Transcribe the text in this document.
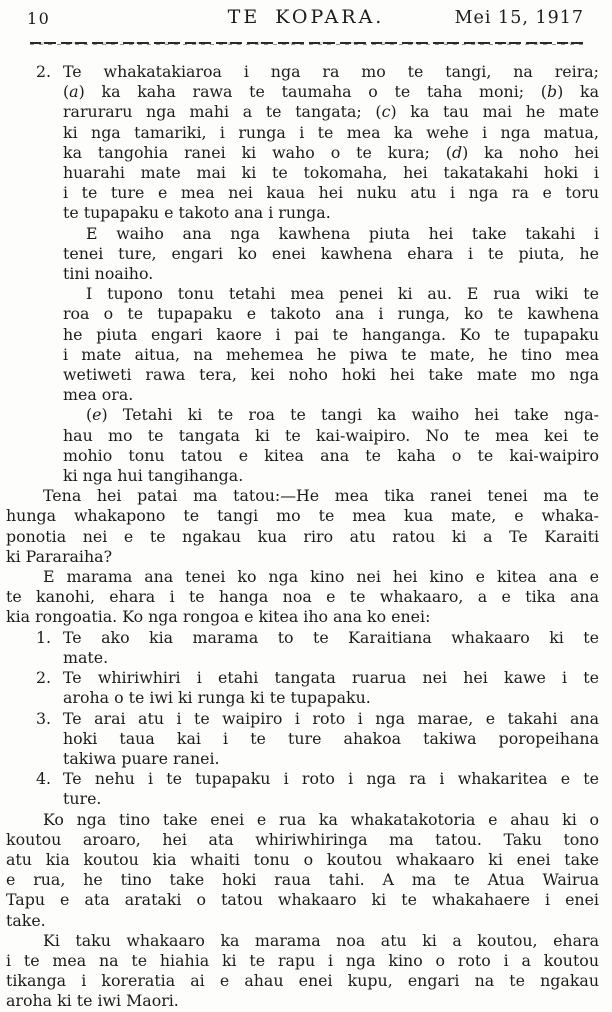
10	TE KOPARA.	Mei 15, 1917
Te whakatakiaroa i nga ra mo te tangi, na reira;
2.
(a) ka kaha rawa te taumaha o te taha moni; (b) ka
raruraru nga mahi a te tangata; (c) ka tau mai he mate
ki nga tamariki, i runga i te mea ka wehe i nga matua,
ka tangohia ranei ki waho o te kura; (d) ka noho hei
huarahi mate mai ki te tokomaha, hei takatakahi hoki i
i te ture e mea nei kaua hei nuku atu i nga ra e toru
te tupapaku e takoto ana i runga.
E waiho ana nga kawhena piuta hei take takahi i
tenei ture, engari ko enei kawhena ehara i te piuta, he
tini noaiho.
I tupono tonu tetahi mea penei ki au. E rua wiki te
roa o te tupapaku e takoto ana i runga, ko te kawhena
he piuta engari kaore i pai te hanganga. Ko te tupapaku
i mate aitua, na mehemea he piwa te mate, he tino mea
wetiweti rawa tera, kei noho hoki hei take mate mo nga
mea ora.
(e) Tetahi ki te roa te tangi ka waiho hei take nga-
hau mo te tangata ki te kai-waipiro. No te mea kei te
mohio tonu tatou e kitea ana te kaha o te kai-waipiro
ki nga hui tangihanga.
Tena hei patai ma tatou:—He mea tika ranei tenei ma te
hunga whakapono te tangi mo te mea kua mate, e whaka-
ponotia nei e te ngakau kua riro atu ratou ki a Te Karaiti
ki Pararaiha?
E marama ana tenei ko nga kino nei hei kino e kitea ana e
te kanohi, ehara i te hanga noa e te whakaaro, a e tika ana
kia rongoatia. Ko nga rongoa e kitea iho ana ko enei:
Te ako kia marama to te Karaitiana whakaaro ki te
1.
mate.
Te whiriwhiri i etahi tangata ruarua nei hei kawe i te
2.
aroha o te iwi ki runga ki te tupapaku.
Te arai atu i te waipiro i roto i nga marae, e takahi ana
3.
hoki taua kai i te ture ahakoa takiwa poropeihana
takiwa puare ranei.
Te nehu i te tupapaku i roto i nga ra i whakaritea e te
4.
ture.
Ko nga tino take enei e rua ka whakatakotoria e ahau ki o
koutou aroaro, hei ata whiriwhiringa ma tatou. Taku tono
atu kia koutou kia whaiti tonu o koutou whakaaro ki enei take
e rua, he tino take hoki raua tahi. A ma te Atua Wairua
Tapu e ata arataki o tatou whakaaro ki te whakahaere i enei
take.
Ki taku whakaaro ka marama noa atu ki a koutou, ehara
i te mea na te hiahia ki te rapu i nga kino o roto i a koutou
tikanga i koreratia ai e ahau enei kupu, engari na te ngakau
aroha ki te iwi Maori.
